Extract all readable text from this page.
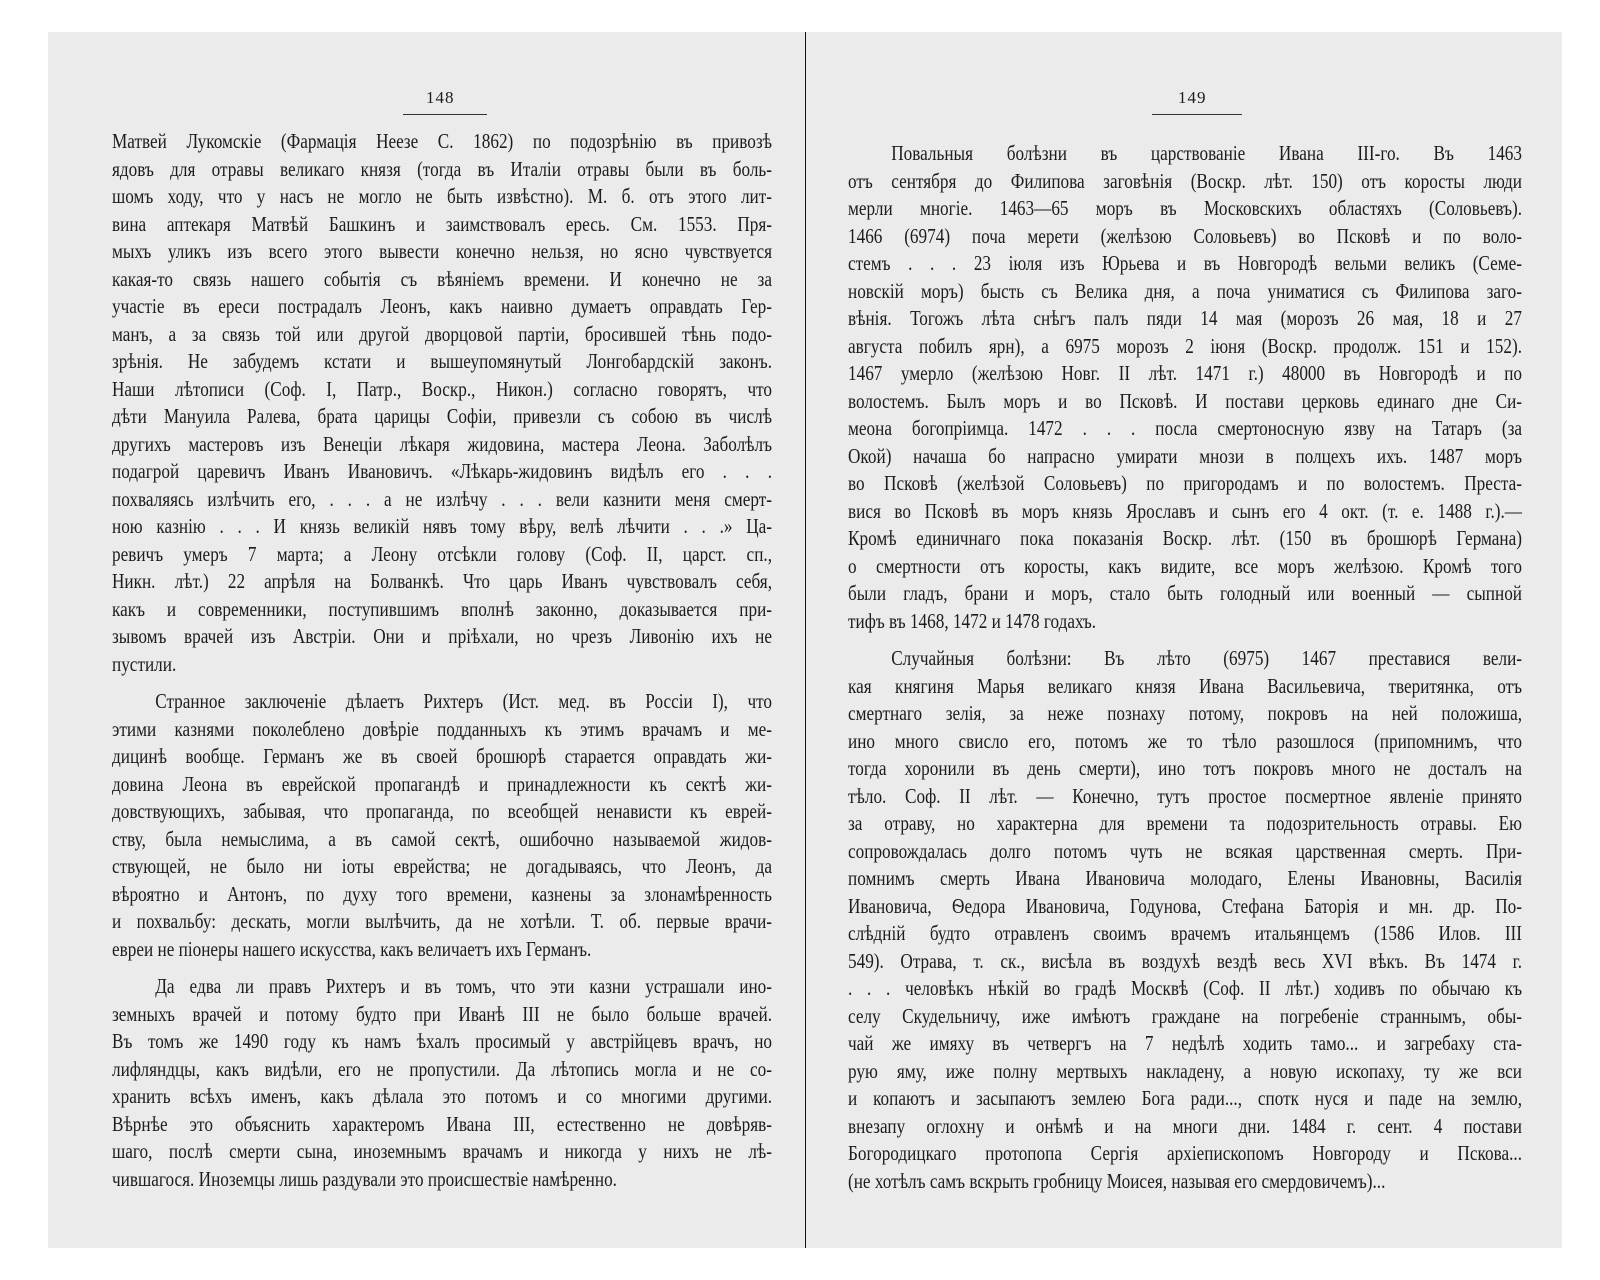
148
Матвей Лукомскіе (Фармацiя Heeзe C. 1862) по подозрѣнiю въ привозѣ
ядовъ для отравы великаго князя (тогда въ Италіи отравы были въ боль-
шомъ ходу, что у насъ не могло не быть извѣстно). М. б. отъ этого лит-
вина аптекаря Матвѣй Башкинъ и заимствовалъ ересь. См. 1553. Пря-
мыхъ уликъ изъ всего этого вывести конечно нельзя, но ясно чувствуется
какая-то связь нашего событія съ вѣяніемъ времени. И конечно не за
участіе въ ереси пострадалъ Леонъ, какъ наивно думаетъ оправдать Гер-
манъ, а за связь той или другой дворцовой партiи, бросившей тѣнь подо-
зрѣнія. Не забудемъ кстати и вышеупомянутый Лонгобардскiй законъ.
Наши лѣтописи (Соф. I, Патр., Воскр., Никон.) согласно говорятъ, что
дѣти Мануила Ралева, брата царицы Софіи, привезли съ собою въ числѣ
другихъ мастеровъ изъ Венеціи лѣкаря жидовина, мастера Леона. Заболѣлъ
подагрой царевичъ Иванъ Ивановичъ. «Лѣкарь-жидовинъ видѣлъ его . . .
похваляясь излѣчить его, . . . а не излѣчу . . . вели казнити меня смерт-
ною казнiю . . . И князь великiй нявъ тому вѣру, велѣ лѣчити . . .» Ца-
ревичъ умеръ 7 марта; а Леону отсѣкли голову (Соф. II, царст. сп.,
Никн. лѣт.) 22 апрѣля на Болванкѣ. Что царь Иванъ чувствовалъ себя,
какъ и современники, поступившимъ вполнѣ законно, доказывается при-
зывомъ врачей изъ Австріи. Они и прiѣхали, но чрезъ Ливонiю ихъ не
пустили.
Странное заключенiе дѣлаетъ Рихтеръ (Ист. мед. въ Россiи I), что
этими казнями поколеблено довѣріе подданныхъ къ этимъ врачамъ и ме-
дицинѣ вообще. Германъ же въ своей брошюрѣ старается оправдать жи-
довина Леона въ еврейской пропагандѣ и принадлежности къ сектѣ жи-
довствующихъ, забывая, что пропаганда, по всеобщей ненависти къ еврей-
ству, была немыслима, а въ самой сектѣ, ошибочно называемой жидов-
ствующей, не было ни іоты еврейства; не догадываясь, что Леонъ, да
вѣроятно и Антонъ, по духу того времени, казнены за злонамѣренность
и похвальбу: дескать, могли вылѣчить, да не хотѣли. Т. об. первые врачи-
евреи не піонеры нашего искусства, какъ величаетъ ихъ Германъ.
Да едва ли правъ Рихтеръ и въ томъ, что эти казни устрашали ино-
земныхъ врачей и потому будто при Иванѣ III не было больше врачей.
Въ томъ же 1490 году къ намъ ѣхалъ просимый у австрiйцевъ врачъ, но
лифляндцы, какъ видѣли, его не пропустили. Да лѣтопись могла и не со-
хранить всѣхъ именъ, какъ дѣлала это потомъ и со многими другими.
Вѣрнѣе это объяснить характеромъ Ивана III, естественно не довѣряв-
шаго, послѣ смерти сына, иноземнымъ врачамъ и никогда у нихъ не лѣ-
чившагося. Иноземцы лишь раздували это происшествіе намѣренно.
149
Повальныя болѣзни въ царствованiе Ивана III-го. Въ 1463
отъ сентября до Филипова заговѣнія (Воскр. лѣт. 150) отъ коросты люди
мерли многіе. 1463—65 моръ въ Московскихъ областяхъ (Соловьевъ).
1466 (6974) поча мерети (желѣзою Соловьевъ) во Псковѣ и по воло-
стемъ . . . 23 iюля изъ Юрьева и въ Новгородѣ вельми великъ (Семе-
новскiй моръ) бысть съ Велика дня, а поча униматися съ Филипова заго-
вѣнія. Тогожъ лѣта снѣгъ палъ пяди 14 мая (морозъ 26 мая, 18 и 27
августа побилъ ярн), а 6975 морозъ 2 іюня (Воскр. продолж. 151 и 152).
1467 умерло (желѣзою Новг. II лѣт. 1471 г.) 48000 въ Новгородѣ и по
волостемъ. Былъ моръ и во Псковѣ. И постави церковь единаго дне Си-
меона богопрiимца. 1472 . . . посла смертоносную язву на Татаръ (за
Окой) начаша бо напрасно умирати мнози в полцехъ ихъ. 1487 моръ
во Псковѣ (желѣзой Соловьевъ) по пригородамъ и по волостемъ. Преста-
вися во Псковѣ въ моръ князь Ярославъ и сынъ его 4 окт. (т. е. 1488 г.).—
Кромѣ единичнаго пока показанiя Воскр. лѣт. (150 въ брошюрѣ Германа)
о смертности отъ коросты, какъ видите, все моръ желѣзою. Кромѣ того
были гладъ, брани и моръ, стало быть голодный или военный — сыпной
тифъ въ 1468, 1472 и 1478 годахъ.
Случайныя болѣзни: Въ лѣто (6975) 1467 преставися вели-
кая княгиня Марья великаго князя Ивана Васильевича, тверитянка, отъ
смертнаго зелiя, за неже познаху потому, покровъ на ней положиша,
ино много свисло его, потомъ же то тѣло разошлося (припомнимъ, что
тогда хоронили въ день смерти), ино тотъ покровъ много не досталъ на
тѣло. Соф. II лѣт. — Конечно, тутъ простое посмертное явленiе принято
за отраву, но характерна для времени та подозрительность отравы. Ею
сопровождалась долго потомъ чуть не всякая царственная смерть. При-
помнимъ смерть Ивана Ивановича молодаго, Елены Ивановны, Василія
Ивановича, Ѳедора Ивановича, Годунова, Стефана Баторія и мн. др. По-
слѣднiй будто отравленъ своимъ врачемъ итальянцемъ (1586 Илов. III
549). Отрава, т. ск., висѣла въ воздухѣ вездѣ весь XVI вѣкъ. Въ 1474 г.
. . . человѣкъ нѣкiй во градѣ Москвѣ (Соф. II лѣт.) ходивъ по обычаю къ
селу Скудельничу, иже имѣютъ граждане на погребенiе страннымъ, обы-
чай же имяху въ четвергъ на 7 недѣлѣ ходить тамо... и загребаху ста-
рую яму, иже полну мертвыхъ накладену, а новую ископаху, ту же вси
и копаютъ и засыпаютъ землею Бога ради..., спотк нуся и паде на землю,
внезапу оглохну и онѣмѣ и на многи дни. 1484 г. сент. 4 постави
Богородицкаго протопопа Сергiя архiепископомъ Новгороду и Пскова...
(не хотѣлъ самъ вскрыть гробницу Моисея, называя его смердовичемъ)...
